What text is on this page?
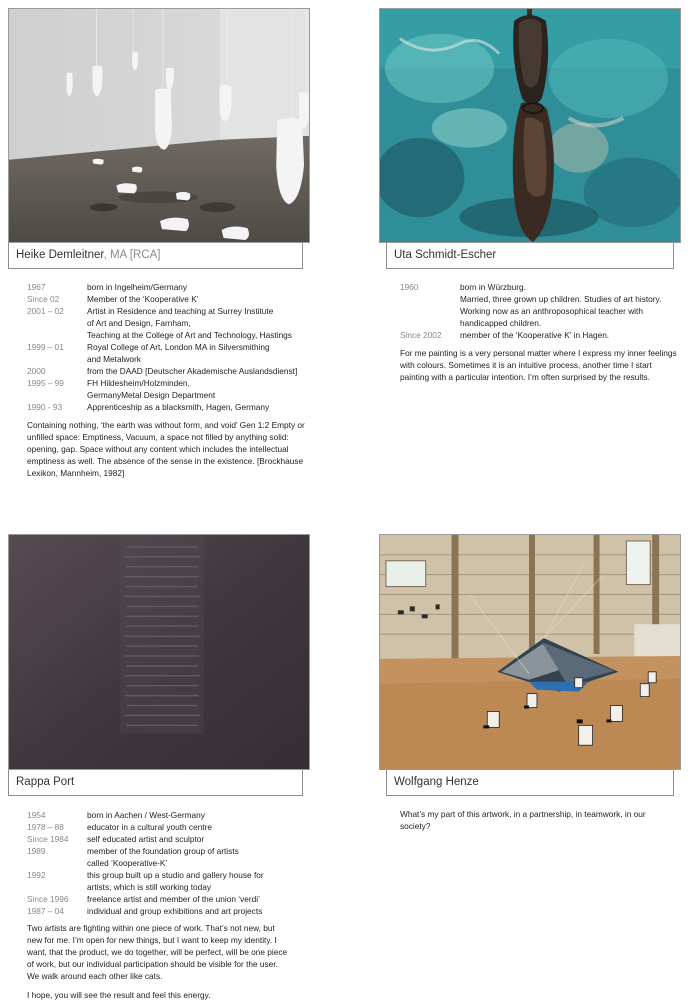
Heike Demleitner, MA [RCA]
1967	born in Ingelheim/Germany
Since 02	Member of the ‘Kooperative K’
2001 – 02	Artist in Residence and teaching at Surrey Institute
of Art and Design, Farnham,
Teaching at the College of Art and Technology, Hastings
1999 – 01	Royal College of Art, London MA in Silversmithing
and Metalwork
2000	from the DAAD [Deutscher Akademische Auslandsdienst]
1995 – 99	FH Hildesheim/Holzminden,
GermanyMetal Design Department
1990 - 93	Apprenticeship as a blacksmith, Hagen, Germany

Containing nothing, ‘the earth was without form, and void’ Gen 1:2 Empty or unfilled space: Emptiness, Vacuum, a space not filled by anything solid: opening, gap. Space without any content which includes the intellectual emptiness as well. The absence of the sense in the existence. [Brockhause Lexikon, Mannheim, 1982]

Uta Schmidt-Escher
1960	born in Würzburg.
Married, three grown up children. Studies of art history.
Working now as an anthroposophical teacher with
handicapped children.
Since 2002	member of the ‘Kooperative K’ in Hagen.

For me painting is a very personal matter where I express my inner feelings with colours. Sometimes it is an intuitive process, another time I start painting with a particular intention. I’m often surprised by the results.

Rappa Port
1954	born in Aachen / West-Germany
1978 – 88	educator in a cultural youth centre
Since 1984	self educated artist and sculptor
1989	member of the foundation group of artists
called ‘Kooperative-K’
1992	this group built up a studio and gallery house for
artists, which is still working today
Since 1996	freelance artist and member of the union ‘verdi’
1987 – 04	individual and group exhibitions and art projects

Two artists are fighting within one piece of work. That’s not new, but new for me. I’m open for new things, but I want to keep my identity. I want, that the product, we do together, will be perfect, will be one piece of work, but our individual participation should be visible for the user. We walk around each other like cats.

I hope, you will see the result and feel this energy.

Wolfgang Henze

What’s my part of this artwork, in a partnership, in teamwork, in our society?
